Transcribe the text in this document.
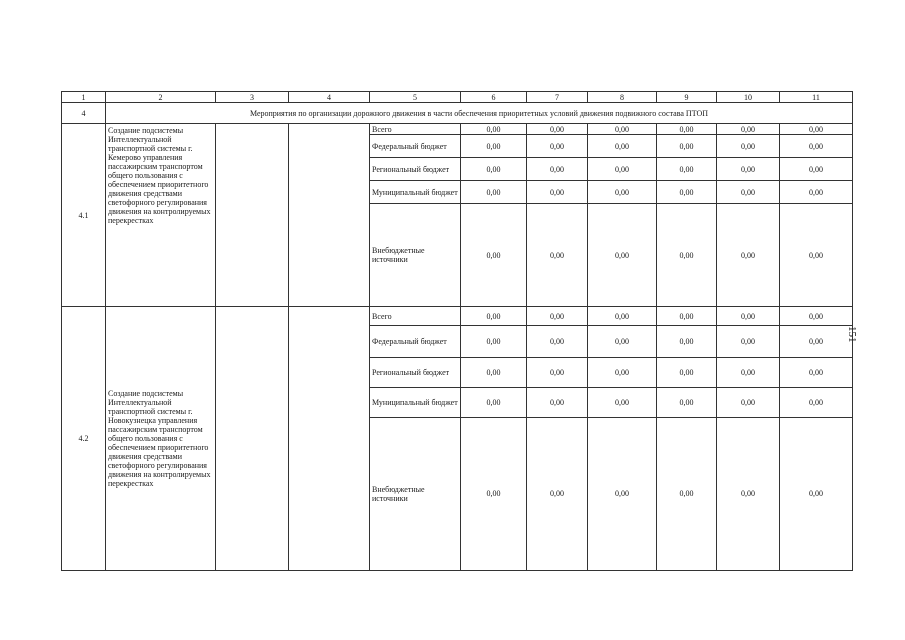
1	2	3	4	5	6	7	8	9	10	11
4	Мероприятия по организации дорожного движения в части обеспечения приоритетных условий движения подвижного состава ПТОП									
4.1	Создание подсистемы Интеллектуальной транспортной системы г. Кемерово управления пассажирским транспортом общего пользования с обеспечением приоритетного движения средствами светофорного регулирования движения на контролируемых перекрестках			Всего	0,00	0,00	0,00	0,00	0,00	0,00
				Федеральный бюджет	0,00	0,00	0,00	0,00	0,00	0,00
				Региональный бюджет	0,00	0,00	0,00	0,00	0,00	0,00
				Муниципальный бюджет	0,00	0,00	0,00	0,00	0,00	0,00
				Внебюджетные источники	0,00	0,00	0,00	0,00	0,00	0,00
4.2	Создание подсистемы Интеллектуальной транспортной системы г. Новокузнецка управления пассажирским транспортом общего пользования с обеспечением приоритетного движения средствами светофорного регулирования движения на контролируемых перекрестках			Всего	0,00	0,00	0,00	0,00	0,00	0,00
				Федеральный бюджет	0,00	0,00	0,00	0,00	0,00	0,00
				Региональный бюджет	0,00	0,00	0,00	0,00	0,00	0,00
				Муниципальный бюджет	0,00	0,00	0,00	0,00	0,00	0,00
				Внебюджетные источники	0,00	0,00	0,00	0,00	0,00	0,00
151
